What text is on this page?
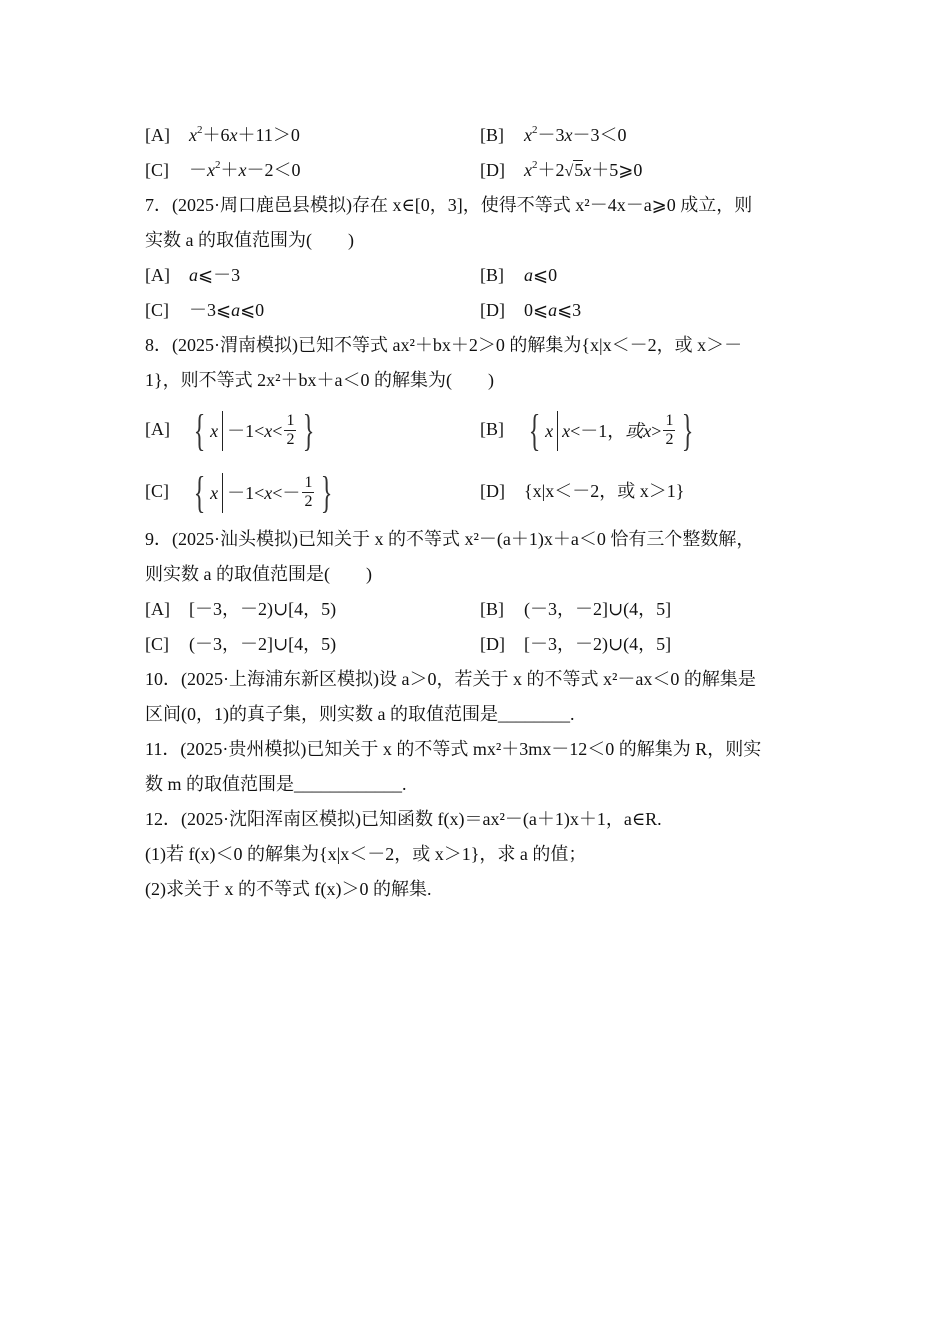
[A] $x^2+6x+11>0$	[B] $x^2-3x-3<0$
$[C] -x^2+x-2<0$	[D] $x^2+2√5x+5⩾0$
7．(2025·周口鹿邑县模拟)存在 x∈[0，3]，使得不等式 x²－4x－a⩾0 成立，则
实数 a 的取值范围为(　　)
[A] a⩽－3	[B] a⩽0
[C] －3⩽a⩽0	[D] 0⩽a⩽3
8．(2025·渭南模拟)已知不等式 ax²＋bx＋2＞0 的解集为{x|x＜－2，或 x＞－
1}，则不等式 2x²＋bx＋a＜0 的解集为(　　)
[A] { $x -1<x< \frac{1}{2}$ }	[B] { x x<－1，或$x> \frac{1}{2}$ }
[C] { $x -1<x<- \frac{1}{2}$ }	[D] {x|x＜－2，或 x＞1}
9．(2025·汕头模拟)已知关于 x 的不等式 x²－(a＋1)x＋a＜0 恰有三个整数解，
则实数 a 的取值范围是(　　)
[A] [－3，－2)∪[4，5)	[B] (－3，－2]∪(4，5]
[C] (－3，－2]∪[4，5)	[D] [－3，－2)∪(4，5]
10．(2025·上海浦东新区模拟)设 a＞0，若关于 x 的不等式 x²－ax＜0 的解集是
区间(0，1)的真子集，则实数 a 的取值范围是________.
11．(2025·贵州模拟)已知关于 x 的不等式 mx²＋3mx－12＜0 的解集为 R，则实
数 m 的取值范围是____________.
12．(2025·沈阳浑南区模拟)已知函数 f(x)＝ax²－(a＋1)x＋1，a∈R.
(1)若 f(x)＜0 的解集为{x|x＜－2，或 x＞1}，求 a 的值；
(2)求关于 x 的不等式 f(x)＞0 的解集.
